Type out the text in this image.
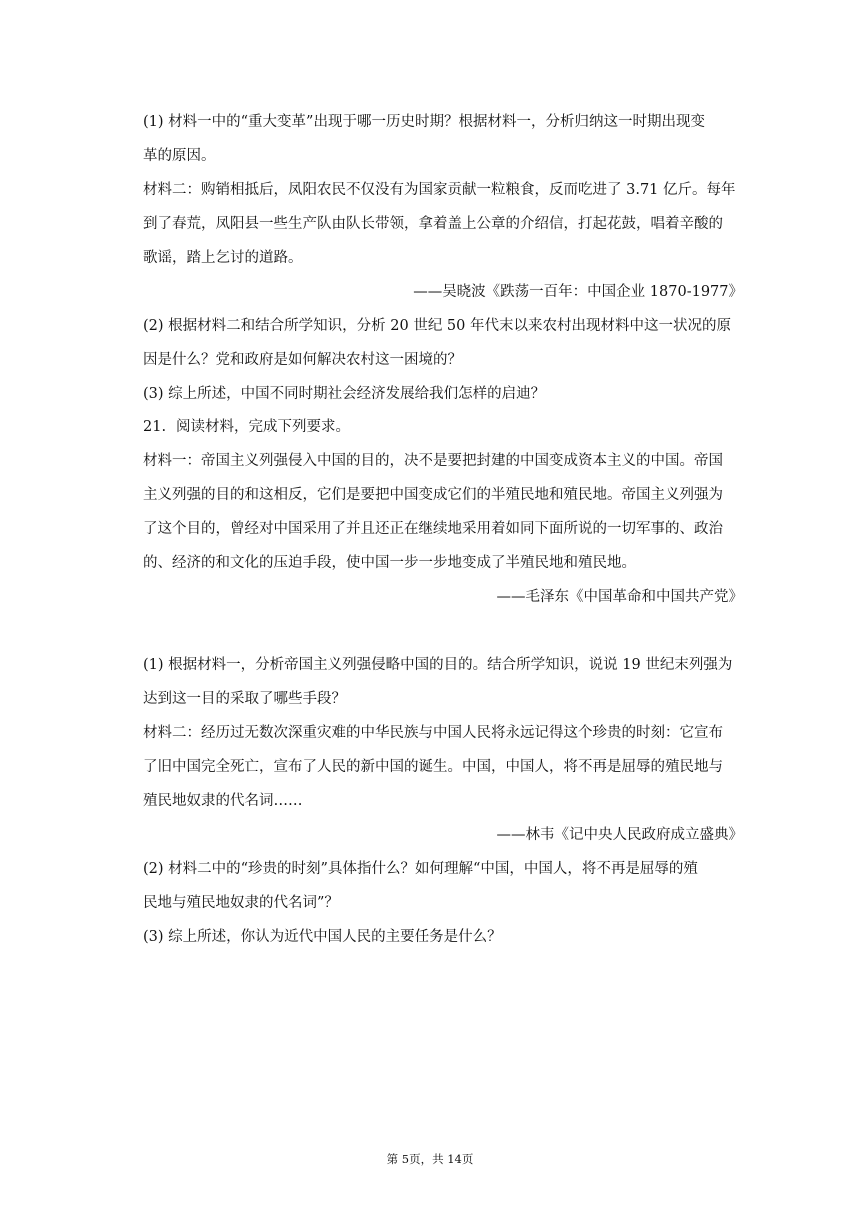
(1) 材料一中的“重大变革”出现于哪一历史时期？根据材料一，分析归纳这一时期出现变
革的原因。
材料二：购销相抵后，凤阳农民不仅没有为国家贡献一粒粮食，反而吃进了 3.71 亿斤。每年
到了春荒，凤阳县一些生产队由队长带领，拿着盖上公章的介绍信，打起花鼓，唱着辛酸的
歌谣，踏上乞讨的道路。
——吴晓波《跌荡一百年：中国企业 1870-1977》
(2) 根据材料二和结合所学知识，分析 20 世纪 50 年代末以来农村出现材料中这一状况的原
因是什么？党和政府是如何解决农村这一困境的？
(3) 综上所述，中国不同时期社会经济发展给我们怎样的启迪？
21. 阅读材料，完成下列要求。
材料一：帝国主义列强侵入中国的目的，决不是要把封建的中国变成资本主义的中国。帝国
主义列强的目的和这相反，它们是要把中国变成它们的半殖民地和殖民地。帝国主义列强为
了这个目的，曾经对中国采用了并且还正在继续地采用着如同下面所说的一切军事的、政治
的、经济的和文化的压迫手段，使中国一步一步地变成了半殖民地和殖民地。
——毛泽东《中国革命和中国共产党》
(1) 根据材料一，分析帝国主义列强侵略中国的目的。结合所学知识，说说 19 世纪末列强为
达到这一目的采取了哪些手段？
材料二：经历过无数次深重灾难的中华民族与中国人民将永远记得这个珍贵的时刻：它宣布
了旧中国完全死亡，宣布了人民的新中国的诞生。中国，中国人，将不再是屈辱的殖民地与
殖民地奴隶的代名词……
——林韦《记中央人民政府成立盛典》
(2) 材料二中的“珍贵的时刻”具体指什么？如何理解“中国，中国人，将不再是屈辱的殖
民地与殖民地奴隶的代名词”？
(3) 综上所述，你认为近代中国人民的主要任务是什么？
第 5页，共 14页
